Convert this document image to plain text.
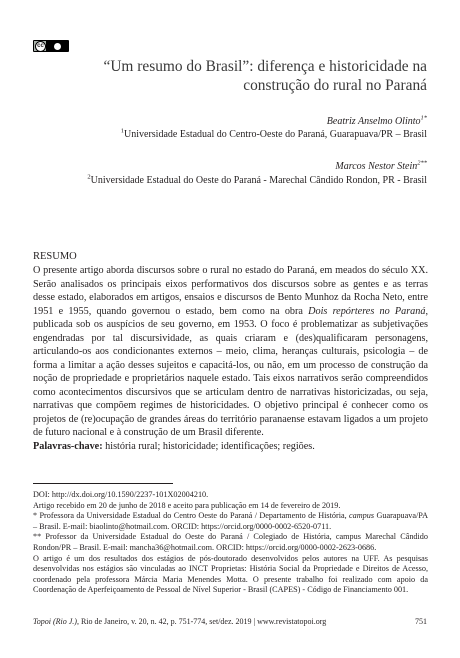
cc
“Um resumo do Brasil”: diferença e historicidade na construção do rural no Paraná
Beatriz Anselmo Olinto$^{1*}$
$^1$Universidade Estadual do Centro-Oeste do Paraná, Guarapuava/PR – Brasil
Marcos Nestor Stein$^{2**}$
$^2$Universidade Estadual do Oeste do Paraná - Marechal Cândido Rondon, PR - Brasil
RESUMO
O presente artigo aborda discursos sobre o rural no estado do Paraná, em meados do século XX. Serão analisados os principais eixos performativos dos discursos sobre as gentes e as terras desse estado, elaborados em artigos, ensaios e discursos de Bento Munhoz da Rocha Neto, entre 1951 e 1955, quando governou o estado, bem como na obra Dois repórteres no Paraná, publicada sob os auspícios de seu governo, em 1953. O foco é problematizar as subjetivações engendradas por tal discursividade, as quais criaram e (des)qualificaram personagens, articulando-os aos condicionantes externos – meio, clima, heranças culturais, psicologia – de forma a limitar a ação desses sujeitos e capacitá-los, ou não, em um processo de construção da noção de propriedade e proprietários naquele estado. Tais eixos narrativos serão compreendidos como acontecimentos discursivos que se articulam dentro de narrativas historicizadas, ou seja, narrativas que compõem regimes de historicidades. O objetivo principal é conhecer como os projetos de (re)ocupação de grandes áreas do território paranaense estavam ligados a um projeto de futuro nacional e à construção de um Brasil diferente.
Palavras-chave: história rural; historicidade; identificações; regiões.

DOI: http://dx.doi.org/10.1590/2237-101X02004210.

Artigo recebido em 20 de junho de 2018 e aceito para publicação em 14 de fevereiro de 2019.

* Professora da Universidade Estadual do Centro Oeste do Paraná / Departamento de História, campus Guarapuava/PA – Brasil. E-mail: biaolinto@hotmail.com. ORCID: https://orcid.org/0000-0002-6520-0711.

** Professor da Universidade Estadual do Oeste do Paraná / Colegiado de História, campus Marechal Cândido Rondon/PR – Brasil. E-mail: mancha36@hotmail.com. ORCID: https://orcid.org/0000-0002-2623-0686.

O artigo é um dos resultados dos estágios de pós-doutorado desenvolvidos pelos autores na UFF. As pesquisas desenvolvidas nos estágios são vinculadas ao INCT Proprietas: História Social da Propriedade e Direitos de Acesso, coordenado pela professora Márcia Maria Menendes Motta. O presente trabalho foi realizado com apoio da Coordenação de Aperfeiçoamento de Pessoal de Nível Superior - Brasil (CAPES) - Código de Financiamento 001.

Topoi (Rio J.), Rio de Janeiro, v. 20, n. 42, p. 751-774, set/dez. 2019 | www.revistatopoi.org	751
